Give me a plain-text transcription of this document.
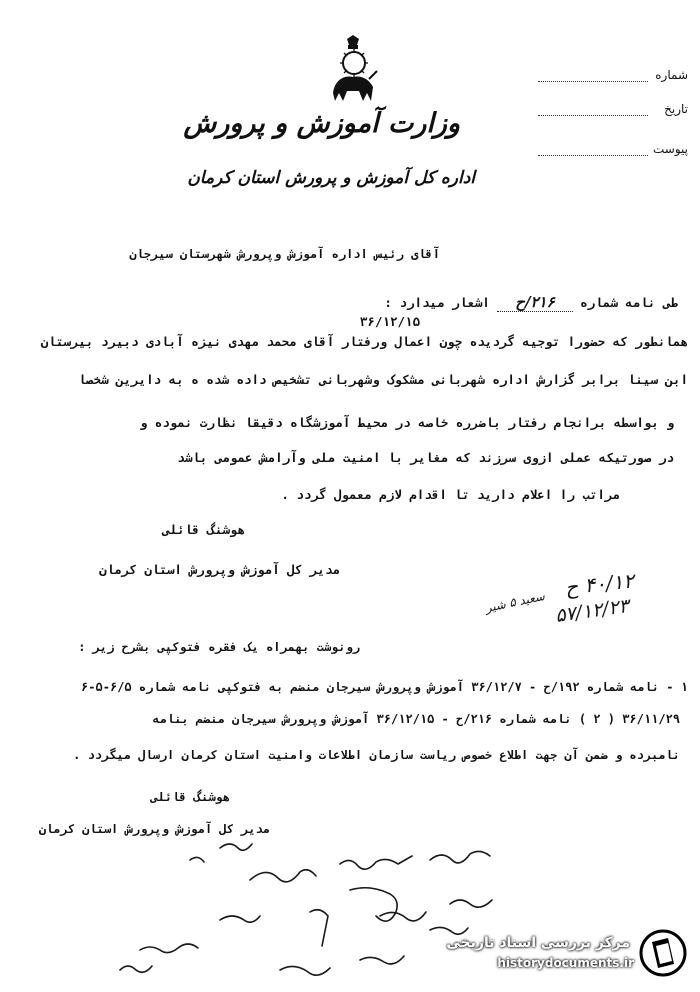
وزارت آموزش و پرورش
اداره کل آموزش و پرورش استان کرمان
شماره
تاریخ
پیوست
آقای رئیس اداره آموزش وپرورش شهرستان سیرجان
طی نامه شماره ۲۱۶/ح اشعار میدارد :
۳۶/۱۲/۱۵
همانطور که حضورا توجیه گردیده چون اعمال ورفتار آقای محمد مهدی نیزه آبادی دبیرد بیرستان
ابن سینا برابر گزارش اداره شهربانی مشکوک وشهربانی تشخیص داده شده ه به دایرین شخصا
و بواسطه برانجام رفتار باضرره خاصه در محیط آموزشگاه دقیقا نظارت نموده و
در صورتیکه عملی ازوی سرزند که مغایر با امنیت ملی وآرامش عمومی باشد
مراتب را اعلام دارید تا اقدام لازم معمول گردد .
هوشنگ قائلی
مدیر کل آموزش وپرورش استان کرمان
۴۰/۱۲ ح
۵۷/۱۲/۲۳
سعید ۵ شیر
رونوشت بهمراه یک فقره فتوکپی بشرح زیر :
۱ - نامه شماره ۱۹۲/ح - ۳۶/۱۲/۷ آموزش وپرورش سیرجان منضم به فتوکپی نامه شماره ۶/۵-۵-۶
۳۶/۱۱/۲۹ ( ۲ ) نامه شماره ۲۱۶/ح - ۳۶/۱۲/۱۵ آموزش وپرورش سیرجان منضم بنامه
نامبرده و ضمن آن جهت اطلاع خصوص ریاست سازمان اطلاعات وامنیت استان کرمان ارسال میگردد .
هوشنگ قائلی
مدیر کل آموزش وپرورش استان کرمان
مرکز بررسی اسناد تاریخی
historydocuments.ir
